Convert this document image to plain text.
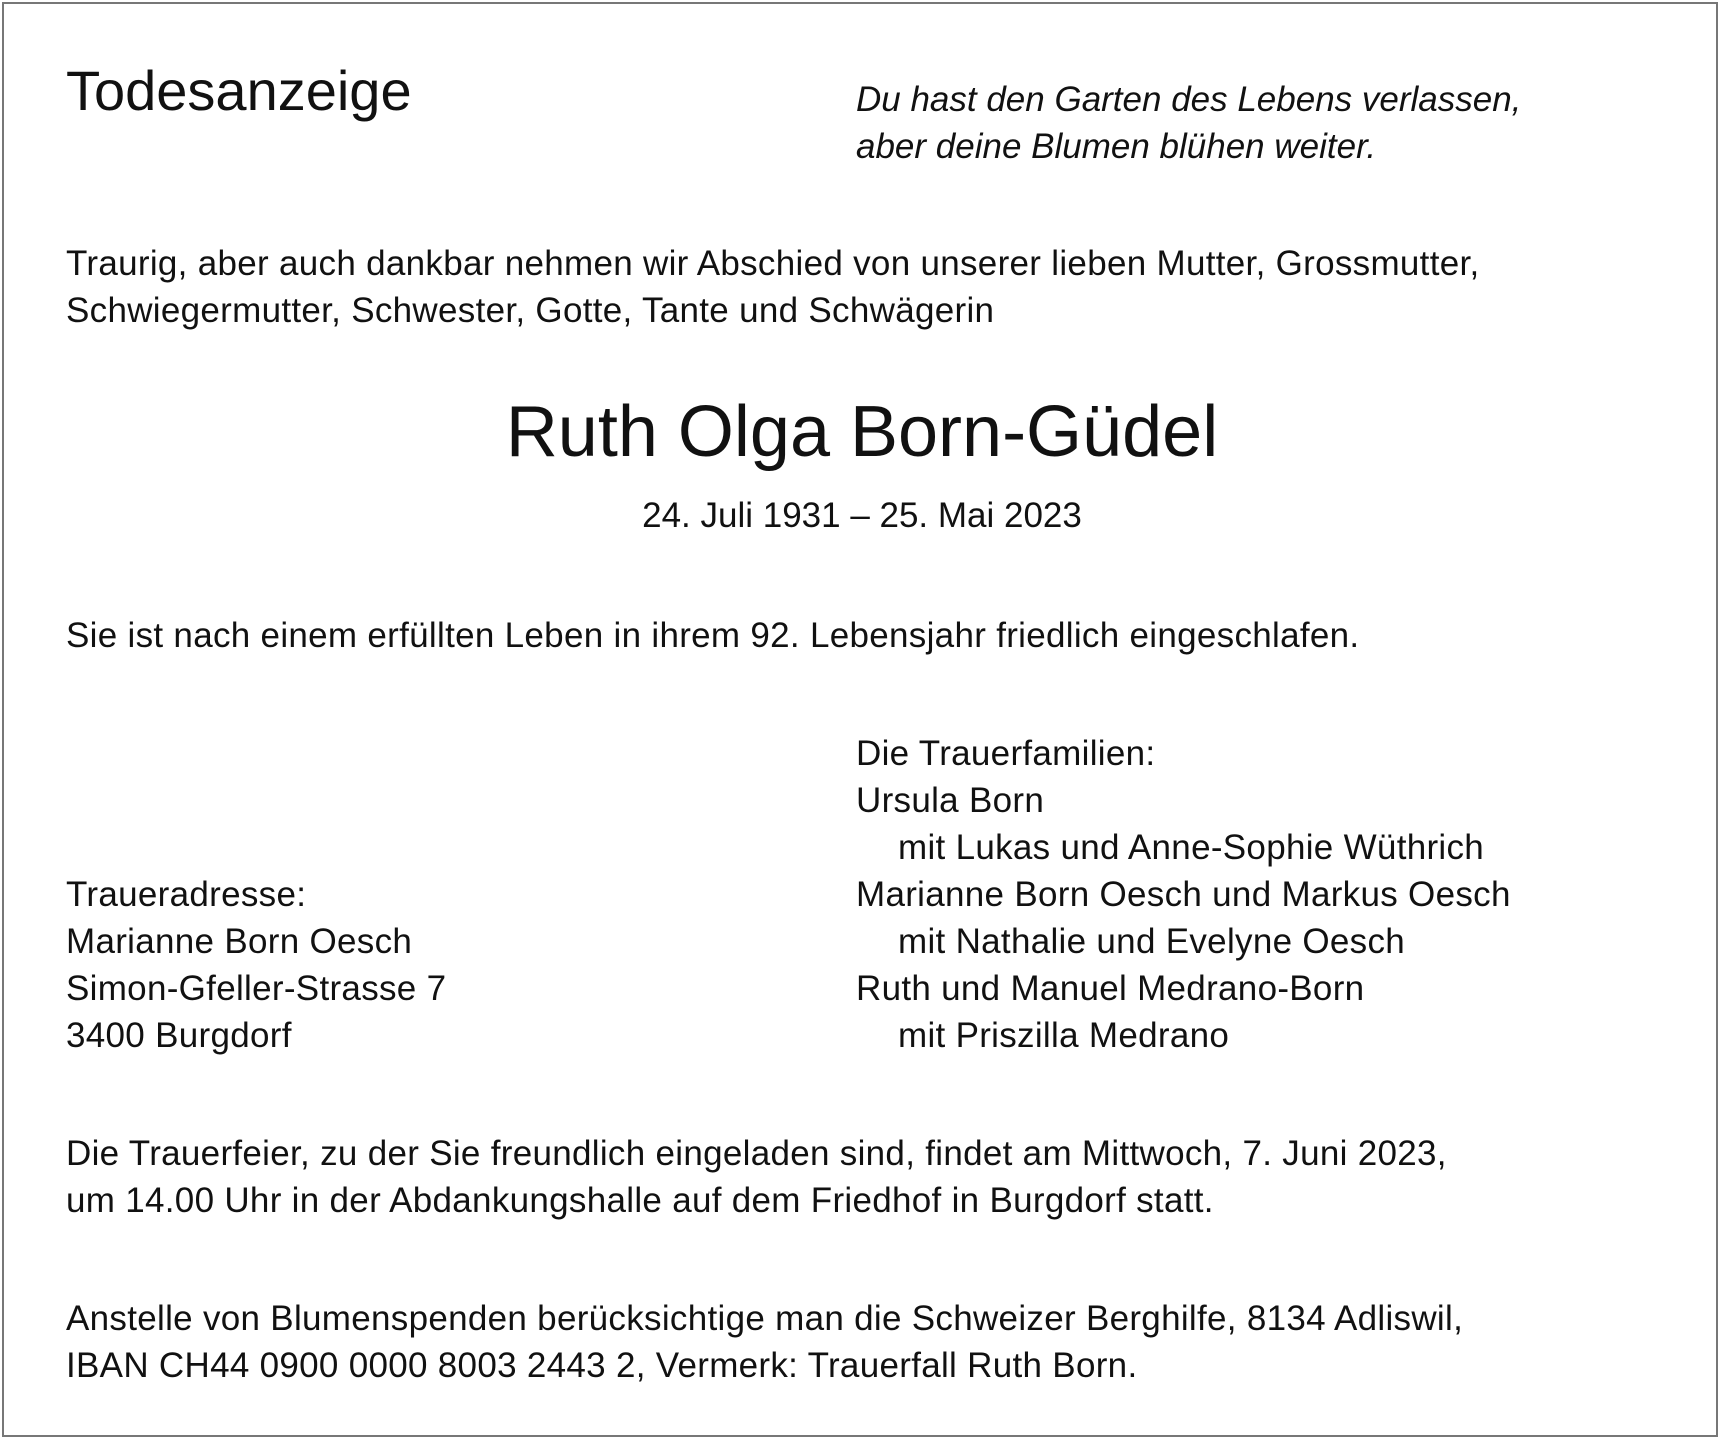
Todesanzeige	Du hast den Garten des Lebens verlassen,
aber deine Blumen blühen weiter.
Traurig, aber auch dankbar nehmen wir Abschied von unserer lieben Mutter, Grossmutter,
Schwiegermutter, Schwester, Gotte, Tante und Schwägerin
Ruth Olga Born-Güdel
24. Juli 1931 – 25. Mai 2023
Sie ist nach einem erfüllten Leben in ihrem 92. Lebensjahr friedlich eingeschlafen.
Die Trauerfamilien:
Ursula Born
mit Lukas und Anne-Sophie Wüthrich
Marianne Born Oesch und Markus Oesch
mit Nathalie und Evelyne Oesch
Ruth und Manuel Medrano-Born
mit Priszilla Medrano
Traueradresse:
Marianne Born Oesch
Simon-Gfeller-Strasse 7
3400 Burgdorf
Die Trauerfeier, zu der Sie freundlich eingeladen sind, findet am Mittwoch, 7. Juni 2023,
um 14.00 Uhr in der Abdankungshalle auf dem Friedhof in Burgdorf statt.
Anstelle von Blumenspenden berücksichtige man die Schweizer Berghilfe, 8134 Adliswil,
IBAN CH44 0900 0000 8003 2443 2, Vermerk: Trauerfall Ruth Born.
